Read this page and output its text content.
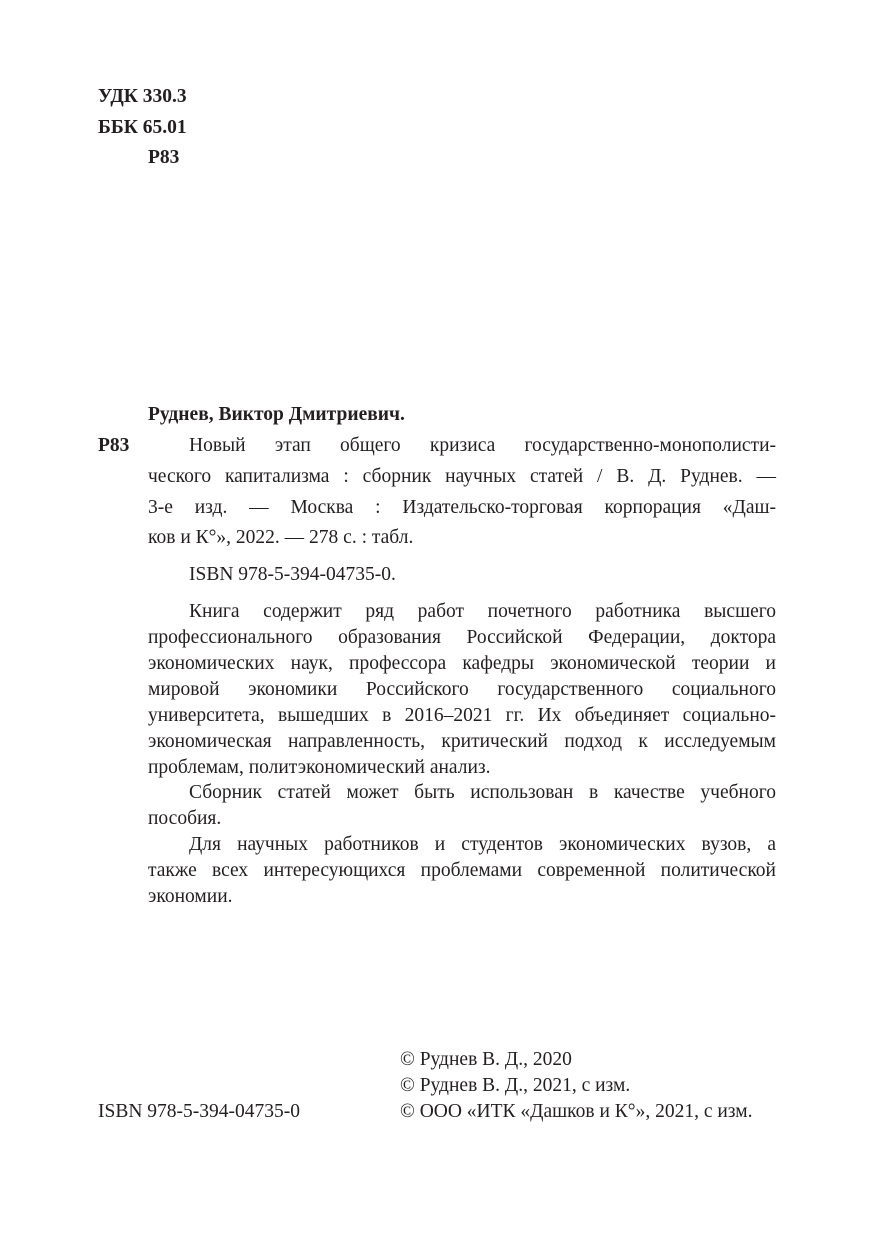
УДК 330.3
ББК 65.01
Р83
Руднев, Виктор Дмитриевич.
Р83	Новый этап общего кризиса государственно-монополисти-
ческого капитализма : сборник научных статей / В. Д. Руднев. —
3-е изд. — Москва : Издательско-торговая корпорация «Даш-
ков и К°», 2022. — 278 с. : табл.
ISBN 978-5-394-04735-0.
Книга содержит ряд работ почетного работника высшего
профессионального образования Российской Федерации, доктора
экономических наук, профессора кафедры экономической теории и
мировой экономики Российского государственного социального
университета, вышедших в 2016–2021 гг. Их объединяет социально-
экономическая направленность, критический подход к исследуемым
проблемам, политэкономический анализ.
Сборник статей может быть использован в качестве учебного
пособия.
Для научных работников и студентов экономических вузов, а
также всех интересующихся проблемами современной политической
экономии.
ISBN 978-5-394-04735-0
© Руднев В. Д., 2020
© Руднев В. Д., 2021, с изм.
© ООО «ИТК «Дашков и К°», 2021, с изм.
